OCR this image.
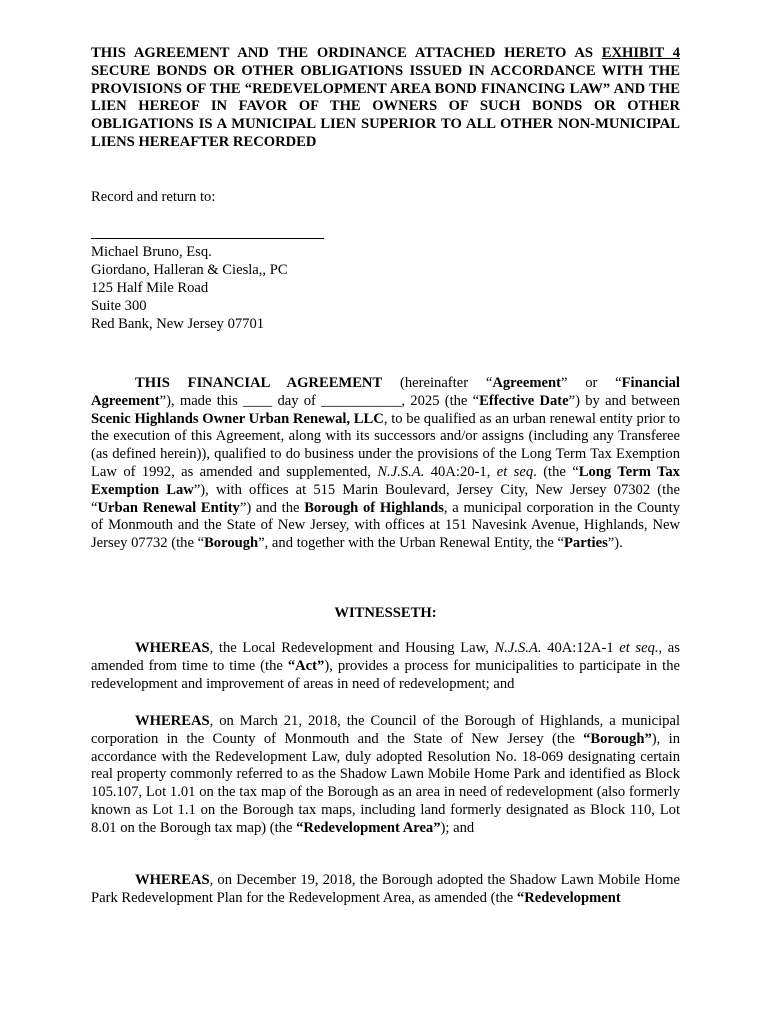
THIS AGREEMENT AND THE ORDINANCE ATTACHED HERETO AS EXHIBIT 4 SECURE BONDS OR OTHER OBLIGATIONS ISSUED IN ACCORDANCE WITH THE PROVISIONS OF THE “REDEVELOPMENT AREA BOND FINANCING LAW” AND THE LIEN HEREOF IN FAVOR OF THE OWNERS OF SUCH BONDS OR OTHER OBLIGATIONS IS A MUNICIPAL LIEN SUPERIOR TO ALL OTHER NON-MUNICIPAL LIENS HEREAFTER RECORDED
Record and return to:
Michael Bruno, Esq.
Giordano, Halleran & Ciesla,, PC
125 Half Mile Road
Suite 300
Red Bank, New Jersey 07701
THIS FINANCIAL AGREEMENT (hereinafter “Agreement” or “Financial Agreement”), made this ____ day of ___________, 2025 (the “Effective Date”) by and between Scenic Highlands Owner Urban Renewal, LLC, to be qualified as an urban renewal entity prior to the execution of this Agreement, along with its successors and/or assigns (including any Transferee (as defined herein)), qualified to do business under the provisions of the Long Term Tax Exemption Law of 1992, as amended and supplemented, N.J.S.A. 40A:20-1, et seq. (the “Long Term Tax Exemption Law”), with offices at 515 Marin Boulevard, Jersey City, New Jersey 07302 (the “Urban Renewal Entity”) and the Borough of Highlands, a municipal corporation in the County of Monmouth and the State of New Jersey, with offices at 151 Navesink Avenue, Highlands, New Jersey 07732 (the “Borough”, and together with the Urban Renewal Entity, the “Parties”).
WITNESSETH:
WHEREAS, the Local Redevelopment and Housing Law, N.J.S.A. 40A:12A-1 et seq., as amended from time to time (the “Act”), provides a process for municipalities to participate in the redevelopment and improvement of areas in need of redevelopment; and
WHEREAS, on March 21, 2018, the Council of the Borough of Highlands, a municipal corporation in the County of Monmouth and the State of New Jersey (the “Borough”), in accordance with the Redevelopment Law, duly adopted Resolution No. 18-069 designating certain real property commonly referred to as the Shadow Lawn Mobile Home Park and identified as Block 105.107, Lot 1.01 on the tax map of the Borough as an area in need of redevelopment (also formerly known as Lot 1.1 on the Borough tax maps, including land formerly designated as Block 110, Lot 8.01 on the Borough tax map) (the “Redevelopment Area”); and
WHEREAS, on December 19, 2018, the Borough adopted the Shadow Lawn Mobile Home Park Redevelopment Plan for the Redevelopment Area, as amended (the “Redevelopment
